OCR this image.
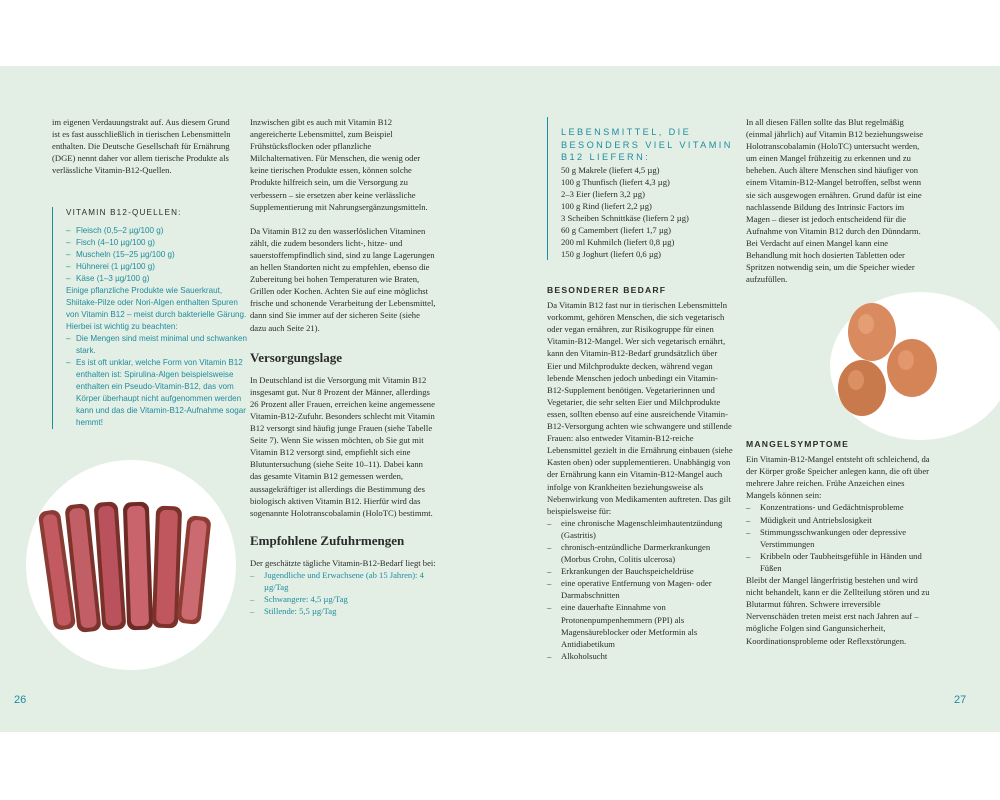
im eigenen Verdauungstrakt auf. Aus diesem Grund ist es fast ausschließlich in tierischen Lebensmitteln enthalten. Die Deutsche Gesellschaft für Ernährung (DGE) nennt daher vor allem tierische Produkte als verlässliche Vitamin-B12-Quellen.

VITAMIN B12-QUELLEN:
– Fleisch (0,5–2 µg/100 g)
– Fisch (4–10 µg/100 g)
– Muscheln (15–25 µg/100 g)
– Hühnerei (1 µg/100 g)
– Käse (1–3 µg/100 g)
Einige pflanzliche Produkte wie Sauerkraut, Shiitake-Pilze oder Nori-Algen enthalten Spuren von Vitamin B12 – meist durch bakterielle Gärung. Hierbei ist wichtig zu beachten:
– Die Mengen sind meist minimal und schwanken stark.
– Es ist oft unklar, welche Form von Vitamin B12 enthalten ist: Spirulina-Algen beispielsweise enthalten ein Pseudo-Vitamin-B12, das vom Körper überhaupt nicht aufgenommen werden kann und das die Vitamin-B12-Aufnahme sogar hemmt!

Inzwischen gibt es auch mit Vitamin B12 angereicherte Lebensmittel, zum Beispiel Frühstücksflocken oder pflanzliche Milchalternativen. Für Menschen, die wenig oder keine tierischen Produkte essen, können solche Produkte hilfreich sein, um die Versorgung zu verbessern – sie ersetzen aber keine verlässliche Supplementierung mit Nahrungsergänzungsmitteln.

Da Vitamin B12 zu den wasserlöslichen Vitaminen zählt, die zudem besonders licht-, hitze- und sauerstoffempfindlich sind, sind zu lange Lagerungen an hellen Standorten nicht zu empfehlen, ebenso die Zubereitung bei hohen Temperaturen wie Braten, Grillen oder Kochen. Achten Sie auf eine möglichst frische und schonende Verarbeitung der Lebensmittel, dann sind Sie immer auf der sicheren Seite (siehe dazu auch Seite 21).

Versorgungslage

In Deutschland ist die Versorgung mit Vitamin B12 insgesamt gut. Nur 8 Prozent der Männer, allerdings 26 Prozent aller Frauen, erreichen keine angemessene Vitamin-B12-Zufuhr. Besonders schlecht mit Vitamin B12 versorgt sind häufig junge Frauen (siehe Tabelle Seite 7). Wenn Sie wissen möchten, ob Sie gut mit Vitamin B12 versorgt sind, empfiehlt sich eine Blutuntersuchung (siehe Seite 10–11). Dabei kann das gesamte Vitamin B12 gemessen werden, aussagekräftiger ist allerdings die Bestimmung des biologisch aktiven Vitamin B12. Hierfür wird das sogenannte Holotranscobalamin (HoloTC) bestimmt.

Empfohlene Zufuhrmengen

Der geschätzte tägliche Vitamin-B12-Bedarf liegt bei:

– Jugendliche und Erwachsene (ab 15 Jahren): 4 µg/Tag
– Schwangere: 4,5 µg/Tag
– Stillende: 5,5 µg/Tag
LEBENSMITTEL, DIE BESONDERS VIEL VITAMIN B12 LIEFERN:
50 g Makrele (liefert 4,5 µg)
100 g Thunfisch (liefert 4,3 µg)
2–3 Eier (liefern 3,2 µg)
100 g Rind (liefert 2,2 µg)
3 Scheiben Schnittkäse (liefern 2 µg)
60 g Camembert (liefert 1,7 µg)
200 ml Kuhmilch (liefert 0,8 µg)
150 g Joghurt (liefert 0,6 µg)
BESONDERER BEDARF

Da Vitamin B12 fast nur in tierischen Lebensmitteln vorkommt, gehören Menschen, die sich vegetarisch oder vegan ernähren, zur Risikogruppe für einen Vitamin-B12-Mangel. Wer sich vegetarisch ernährt, kann den Vitamin-B12-Bedarf grundsätzlich über Eier und Milchprodukte decken, während vegan lebende Menschen jedoch unbedingt ein Vitamin-B12-Supplement benötigen. Vegetarierinnen und Vegetarier, die sehr selten Eier und Milchprodukte essen, sollten ebenso auf eine ausreichende Vitamin-B12-Versorgung achten wie schwangere und stillende Frauen: also entweder Vitamin-B12-reiche Lebensmittel gezielt in die Ernährung einbauen (siehe Kasten oben) oder supplementieren. Unabhängig von der Ernährung kann ein Vitamin-B12-Mangel auch infolge von Krankheiten beziehungsweise als Nebenwirkung von Medikamenten auftreten. Das gilt beispielsweise für:

– eine chronische Magenschleimhautentzündung (Gastritis)
– chronisch-entzündliche Darmerkrankungen (Morbus Crohn, Colitis ulcerosa)
– Erkrankungen der Bauchspeicheldrüse
– eine operative Entfernung von Magen- oder Darmabschnitten
– eine dauerhafte Einnahme von Protonenpumpenhemmern (PPI) als Magensäureblocker oder Metformin als Antidiabetikum
– Alkoholsucht

In all diesen Fällen sollte das Blut regelmäßig (einmal jährlich) auf Vitamin B12 beziehungsweise Holotranscobalamin (HoloTC) untersucht werden, um einen Mangel frühzeitig zu erkennen und zu beheben. Auch ältere Menschen sind häufiger von einem Vitamin-B12-Mangel betroffen, selbst wenn sie sich ausgewogen ernähren. Grund dafür ist eine nachlassende Bildung des Intrinsic Factors im Magen – dieser ist jedoch entscheidend für die Aufnahme von Vitamin B12 durch den Dünndarm. Bei Verdacht auf einen Mangel kann eine Behandlung mit hoch dosierten Tabletten oder Spritzen notwendig sein, um die Speicher wieder aufzufüllen.

MANGELSYMPTOME

Ein Vitamin-B12-Mangel entsteht oft schleichend, da der Körper große Speicher anlegen kann, die oft über mehrere Jahre reichen. Frühe Anzeichen eines Mangels können sein:

– Konzentrations- und Gedächtnisprobleme
– Müdigkeit und Antriebslosigkeit
– Stimmungsschwankungen oder depressive Verstimmungen
– Kribbeln oder Taubheitsgefühle in Händen und Füßen

Bleibt der Mangel längerfristig bestehen und wird nicht behandelt, kann er die Zellteilung stören und zu Blutarmut führen. Schwere irreversible Nervenschäden treten meist erst nach Jahren auf – mögliche Folgen sind Gangunsicherheit, Koordinationsprobleme oder Reflexstörungen.

26	27
